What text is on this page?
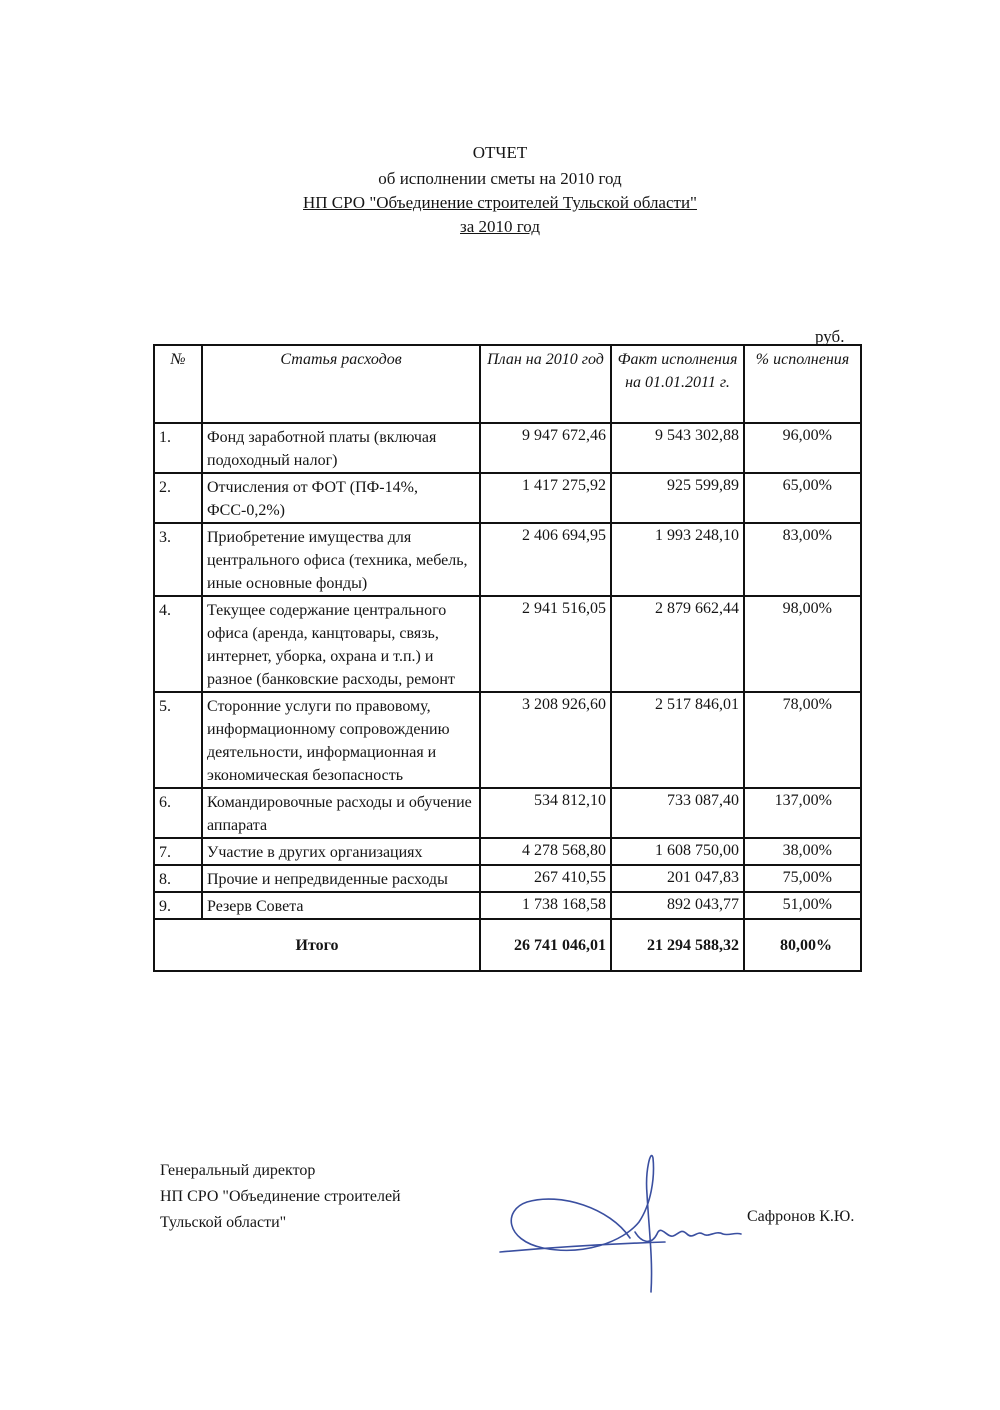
ОТЧЕТ
об исполнении сметы на 2010 год
НП СРО "Объединение строителей Тульской области"
за 2010 год
руб.
№	Статья расходов	План на 2010 год	Факт исполнения на 01.01.2011 г.	% исполнения
1.	Фонд заработной платы (включая подоходный налог)	9 947 672,46	9 543 302,88	96,00%
2.	Отчисления от ФОТ (ПФ-14%, ФСС-0,2%)	1 417 275,92	925 599,89	65,00%
3.	Приобретение имущества для центрального офиса (техника, мебель, иные основные фонды)	2 406 694,95	1 993 248,10	83,00%
4.	Текущее содержание центрального офиса (аренда, канцтовары, связь, интернет, уборка, охрана и т.п.) и разное (банковские расходы, ремонт	2 941 516,05	2 879 662,44	98,00%
5.	Сторонние услуги по правовому, информационному сопровождению деятельности, информационная и экономическая безопасность	3 208 926,60	2 517 846,01	78,00%
6.	Командировочные расходы и обучение аппарата	534 812,10	733 087,40	137,00%
7.	Участие в других организациях	4 278 568,80	1 608 750,00	38,00%
8.	Прочие и непредвиденные расходы	267 410,55	201 047,83	75,00%
9.	Резерв Совета	1 738 168,58	892 043,77	51,00%
Итого		26 741 046,01	21 294 588,32	80,00%
Генеральный директор
НП СРО "Объединение строителей
Тульской области"	Сафронов К.Ю.
